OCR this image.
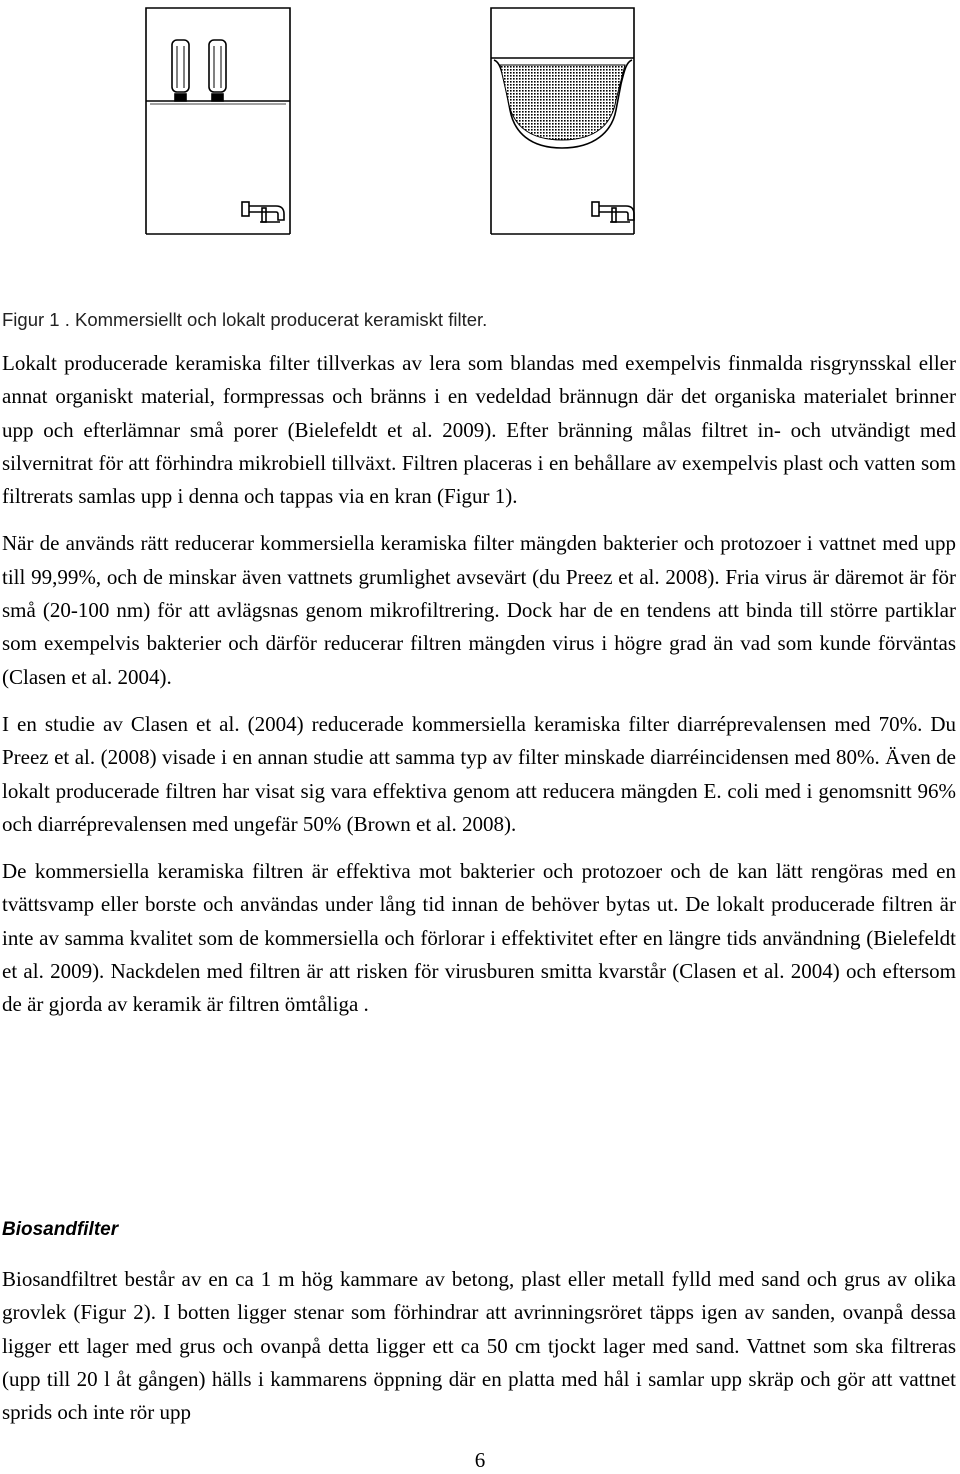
Figur 1 . Kommersiellt och lokalt producerat keramiskt filter.

Lokalt producerade keramiska filter tillverkas av lera som blandas med exempelvis finmalda risgrynsskal eller annat organiskt material, formpressas och bränns i en vedeldad brännugn där det organiska materialet brinner upp och efterlämnar små porer (Bielefeldt et al. 2009). Efter bränning målas filtret in- och utvändigt med silvernitrat för att förhindra mikrobiell tillväxt. Filtren placeras i en behållare av exempelvis plast och vatten som filtrerats samlas upp i denna och tappas via en kran (Figur 1).

När de används rätt reducerar kommersiella keramiska filter mängden bakterier och protozoer i vattnet med upp till 99,99%, och de minskar även vattnets grumlighet avsevärt (du Preez et al. 2008). Fria virus är däremot är för små (20-100 nm) för att avlägsnas genom mikrofiltrering. Dock har de en tendens att binda till större partiklar som exempelvis bakterier och därför reducerar filtren mängden virus i högre grad än vad som kunde förväntas (Clasen et al. 2004).

I en studie av Clasen et al. (2004) reducerade kommersiella keramiska filter diarréprevalensen med 70%. Du Preez et al. (2008) visade i en annan studie att samma typ av filter minskade diarréincidensen med 80%. Även de lokalt producerade filtren har visat sig vara effektiva genom att reducera mängden E. coli med i genomsnitt 96% och diarréprevalensen med ungefär 50% (Brown et al. 2008).

De kommersiella keramiska filtren är effektiva mot bakterier och protozoer och de kan lätt rengöras med en tvättsvamp eller borste och användas under lång tid innan de behöver bytas ut. De lokalt producerade filtren är inte av samma kvalitet som de kommersiella och förlorar i effektivitet efter en längre tids användning (Bielefeldt et al. 2009). Nackdelen med filtren är att risken för virusburen smitta kvarstår (Clasen et al. 2004) och eftersom de är gjorda av keramik är filtren ömtåliga .

Biosandfilter

Biosandfiltret består av en ca 1 m hög kammare av betong, plast eller metall fylld med sand och grus av olika grovlek (Figur 2). I botten ligger stenar som förhindrar att avrinningsröret täpps igen av sanden, ovanpå dessa ligger ett lager med grus och ovanpå detta ligger ett ca 50 cm tjockt lager med sand. Vattnet som ska filtreras (upp till 20 l åt gången) hälls i kammarens öppning där en platta med hål i samlar upp skräp och gör att vattnet sprids och inte rör upp

6
